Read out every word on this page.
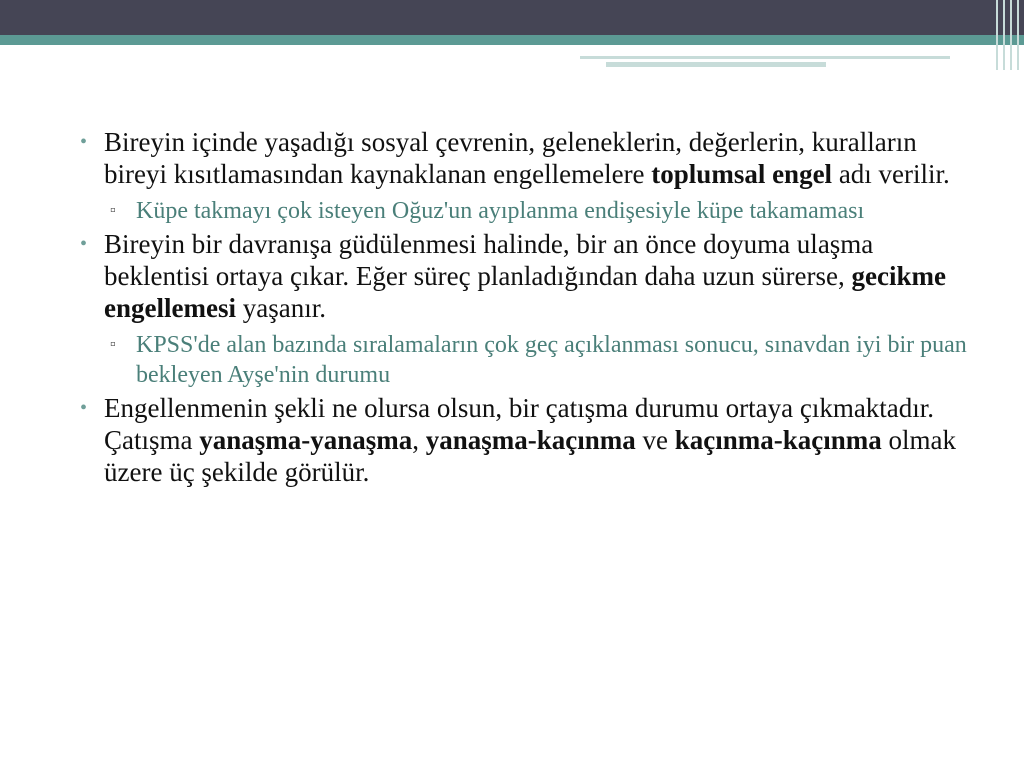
• Bireyin içinde yaşadığı sosyal çevrenin, geleneklerin, değerlerin, kuralların bireyi kısıtlamasından kaynaklanan engellemelere toplumsal engel adı verilir.
▫ Küpe takmayı çok isteyen Oğuz'un ayıplanma endişesiyle küpe takamaması
• Bireyin bir davranışa güdülenmesi halinde, bir an önce doyuma ulaşma beklentisi ortaya çıkar. Eğer süreç planladığından daha uzun sürerse, gecikme engellemesi yaşanır.
▫ KPSS'de alan bazında sıralamaların çok geç açıklanması sonucu, sınavdan iyi bir puan bekleyen Ayşe'nin durumu
• Engellenmenin şekli ne olursa olsun, bir çatışma durumu ortaya çıkmaktadır. Çatışma yanaşma-yanaşma, yanaşma-kaçınma ve kaçınma-kaçınma olmak üzere üç şekilde görülür.
